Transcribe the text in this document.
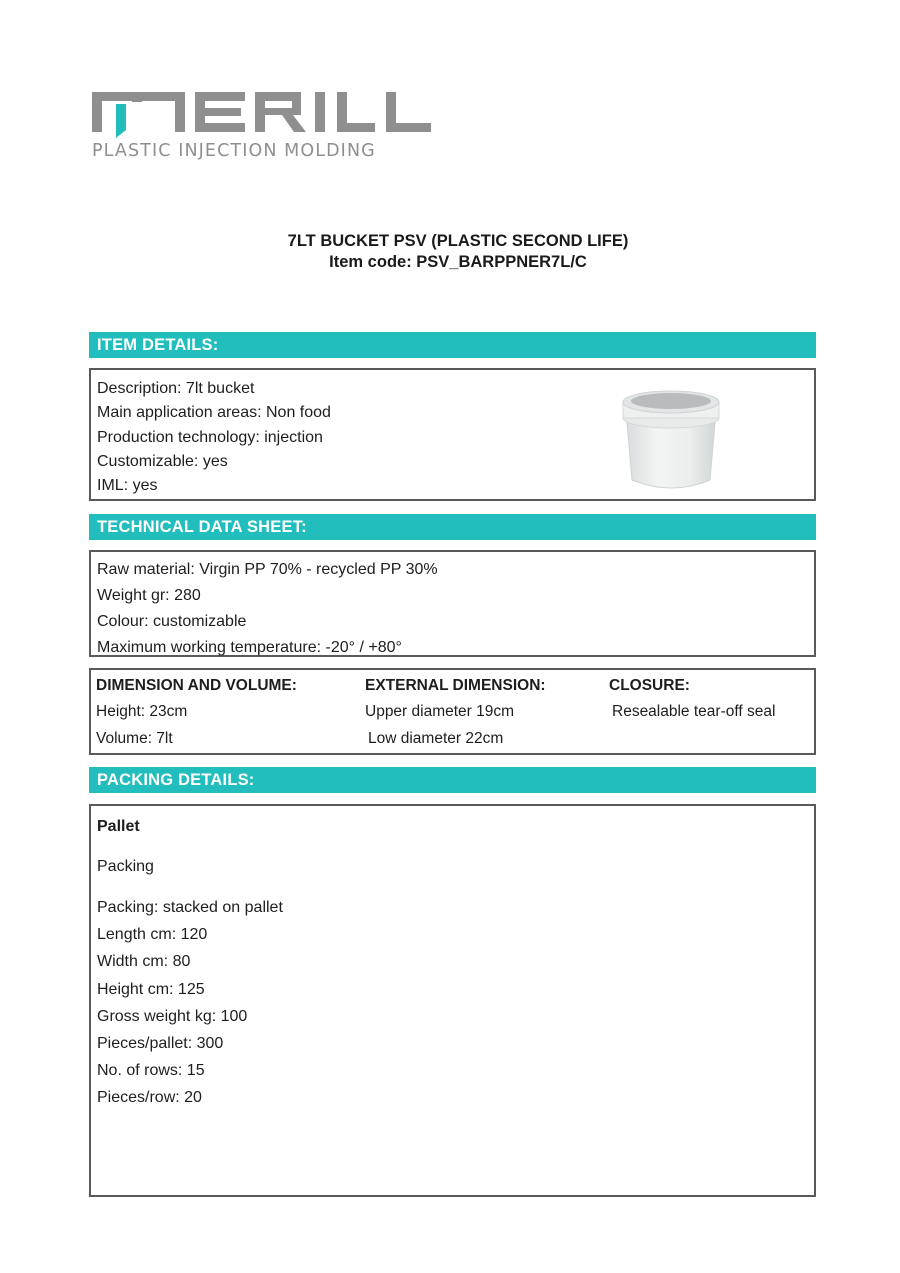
PLASTIC INJECTION MOLDING
7LT BUCKET PSV (PLASTIC SECOND LIFE)
Item code: PSV_BARPPNER7L/C
ITEM DETAILS:
Description: 7lt bucket
Main application areas: Non food
Production technology: injection
Customizable: yes
IML: yes
TECHNICAL DATA SHEET:
Raw material: Virgin PP 70% - recycled PP 30%
Weight gr: 280
Colour: customizable
Maximum working temperature: -20° / +80°
DIMENSION AND VOLUME:
Height: 23cm
Volume: 7lt
EXTERNAL DIMENSION:
Upper diameter 19cm
Low diameter 22cm
CLOSURE:
Resealable tear-off seal
PACKING DETAILS:
Pallet
Packing
Packing: stacked on pallet
Length cm: 120
Width cm: 80
Height cm: 125
Gross weight kg: 100
Pieces/pallet: 300
No. of rows: 15
Pieces/row: 20
